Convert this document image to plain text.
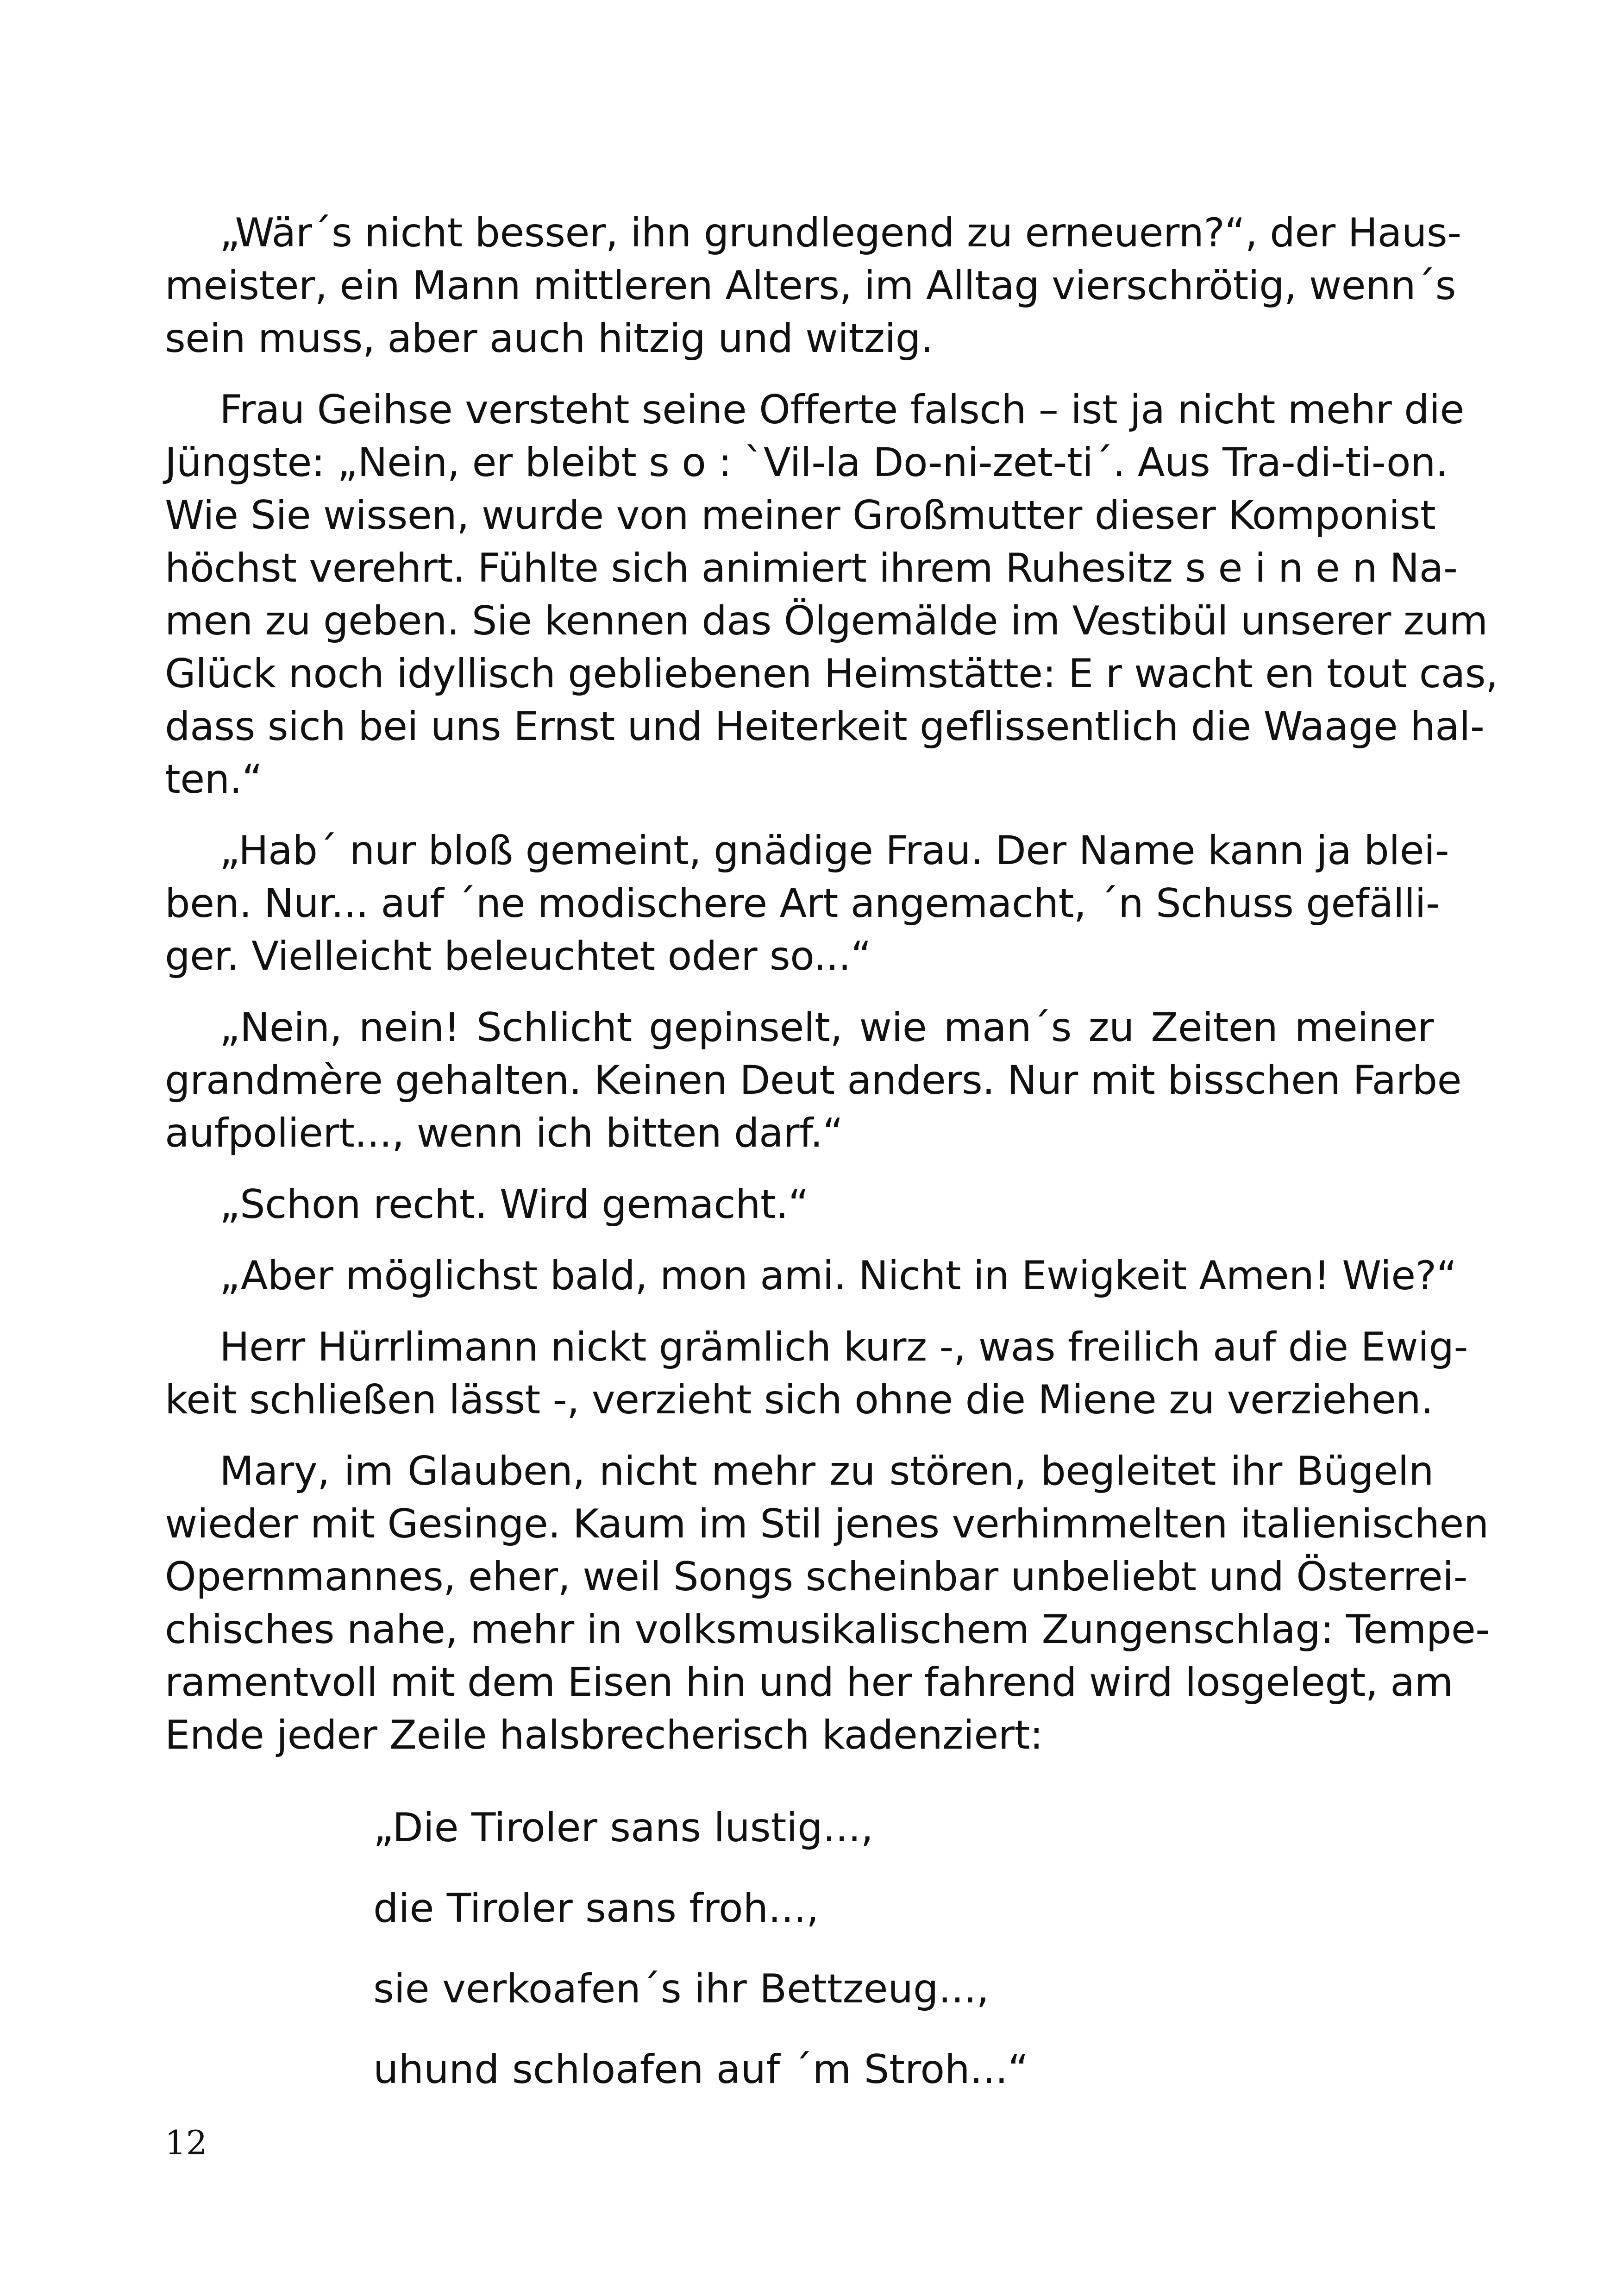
„Wär´s nicht besser, ihn grundlegend zu erneuern?“, der Haus-
meister, ein Mann mittleren Alters, im Alltag vierschrötig, wenn´s
sein muss, aber auch hitzig und witzig.
Frau Geihse versteht seine Offerte falsch – ist ja nicht mehr die
Jüngste: „Nein, er bleibt s o : `Vil-la Do-ni-zet-ti´. Aus Tra-di-ti-on.
Wie Sie wissen, wurde von meiner Großmutter dieser Komponist
höchst verehrt. Fühlte sich animiert ihrem Ruhesitz s e i n e n Na-
men zu geben. Sie kennen das Ölgemälde im Vestibül unserer zum
Glück noch idyllisch gebliebenen Heimstätte: E r wacht en tout cas,
dass sich bei uns Ernst und Heiterkeit geflissentlich die Waage hal-
ten.“
„Hab´ nur bloß gemeint, gnädige Frau. Der Name kann ja blei-
ben. Nur... auf ´ne modischere Art angemacht, ´n Schuss gefälli-
ger. Vielleicht beleuchtet oder so...“
„Nein, nein! Schlicht gepinselt, wie man´s zu Zeiten meiner
grandmère gehalten. Keinen Deut anders. Nur mit bisschen Farbe
aufpoliert..., wenn ich bitten darf.“
„Schon recht. Wird gemacht.“
„Aber möglichst bald, mon ami. Nicht in Ewigkeit Amen! Wie?“
Herr Hürrlimann nickt grämlich kurz -, was freilich auf die Ewig-
keit schließen lässt -, verzieht sich ohne die Miene zu verziehen.
Mary, im Glauben, nicht mehr zu stören, begleitet ihr Bügeln
wieder mit Gesinge. Kaum im Stil jenes verhimmelten italienischen
Opernmannes, eher, weil Songs scheinbar unbeliebt und Österrei-
chisches nahe, mehr in volksmusikalischem Zungenschlag: Tempe-
ramentvoll mit dem Eisen hin und her fahrend wird losgelegt, am
Ende jeder Zeile halsbrecherisch kadenziert:
„Die Tiroler sans lustig...,
die Tiroler sans froh...,
sie verkoafen´s ihr Bettzeug...,
uhund schloafen auf ´m Stroh...“
12
